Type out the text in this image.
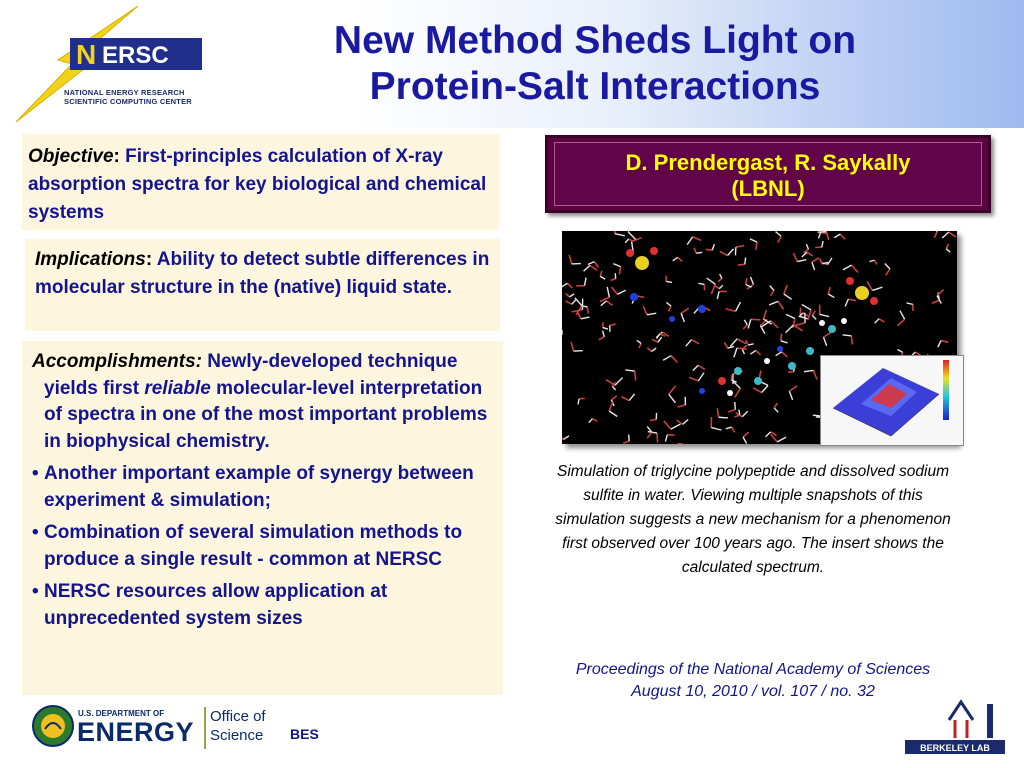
N ERSC
NATIONAL ENERGY RESEARCH
SCIENTIFIC COMPUTING CENTER
New Method Sheds Light on
Protein-Salt Interactions
Objective: First-principles calculation of X-ray absorption spectra for key biological and chemical systems
Implications: Ability to detect subtle differences in molecular structure in the (native) liquid state.

Accomplishments: Newly-developed technique yields first reliable molecular-level interpretation of spectra in one of the most important problems in biophysical chemistry.

• Another important example of synergy between experiment & simulation;
• Combination of several simulation methods to produce a single result - common at NERSC
• NERSC resources allow application at unprecedented system sizes
D. Prendergast, R. Saykally
(LBNL)
Simulation of triglycine polypeptide and dissolved sodium sulfite in water. Viewing multiple snapshots of this simulation suggests a new mechanism for a phenomenon first observed over 100 years ago. The insert shows the calculated spectrum.
Proceedings of the National Academy of Sciences
August 10, 2010 / vol. 107 / no. 32
U.S. DEPARTMENT OF
ENERGY
Office of
Science	BES
BERKELEY LAB
